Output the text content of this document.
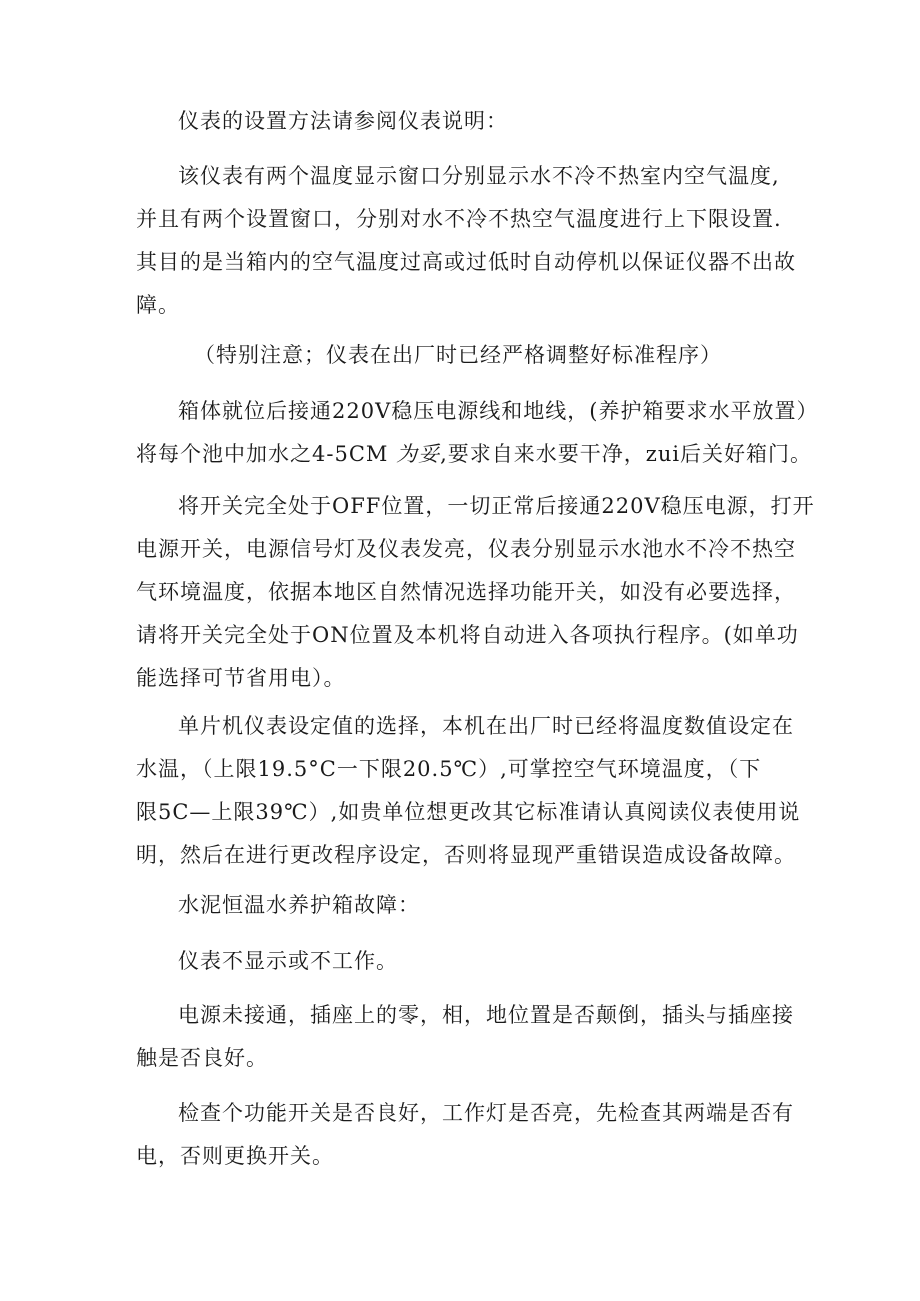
仪表的设置方法请参阅仪表说明：

该仪表有两个温度显示窗口分别显示水不冷不热室内空气温度,
并且有两个设置窗口，分别对水不冷不热空气温度进行上下限设置.
其目的是当箱内的空气温度过高或过低时自动停机以保证仪器不出故
障。

（特别注意；仪表在出厂时已经严格调整好标准程序）

箱体就位后接通220V稳压电源线和地线，(养护箱要求水平放置）
将每个池中加水之4-5CM 为妥,要求自来水要干净，zui后关好箱门。

将开关完全处于OFF位置，一切正常后接通220V稳压电源，打开
电源开关，电源信号灯及仪表发亮，仪表分别显示水池水不冷不热空
气环境温度，依据本地区自然情况选择功能开关，如没有必要选择，
请将开关完全处于ON位置及本机将自动进入各项执行程序。(如单功
能选择可节省用电）。

单片机仪表设定值的选择，本机在出厂时已经将温度数值设定在
水温，（上限19.5°C一下限20.5℃）,可掌控空气环境温度，（下
限5C—上限39℃）,如贵单位想更改其它标准请认真阅读仪表使用说
明，然后在进行更改程序设定，否则将显现严重错误造成设备故障。

水泥恒温水养护箱故障：

仪表不显示或不工作。

电源未接通，插座上的零，相，地位置是否颠倒，插头与插座接
触是否良好。

检查个功能开关是否良好，工作灯是否亮，先检查其两端是否有
电，否则更换开关。
